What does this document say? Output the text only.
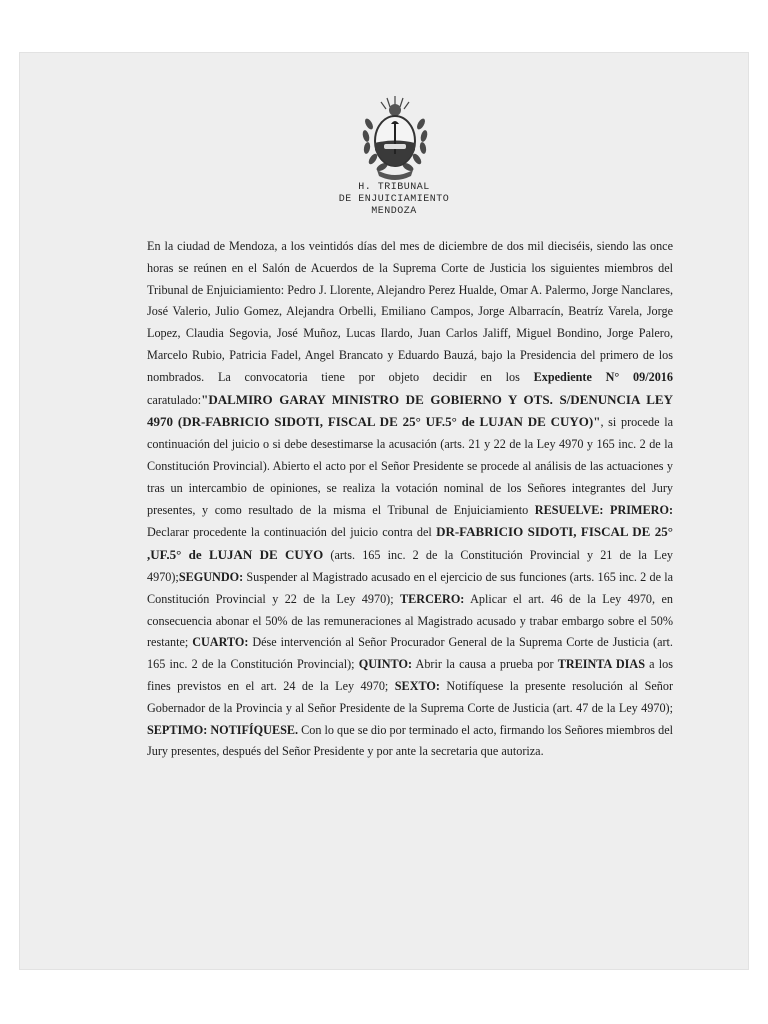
H. TRIBUNAL
DE ENJUICIAMIENTO
MENDOZA
En la ciudad de Mendoza, a los veintidós días del mes de diciembre de dos mil dieciséis, siendo las once horas se reúnen en el Salón de Acuerdos de la Suprema Corte de Justicia los siguientes miembros del Tribunal de Enjuiciamiento: Pedro J. Llorente, Alejandro Perez Hualde, Omar A. Palermo, Jorge Nanclares, José Valerio, Julio Gomez, Alejandra Orbelli, Emiliano Campos, Jorge Albarracín, Beatríz Varela, Jorge Lopez, Claudia Segovia, José Muñoz, Lucas Ilardo, Juan Carlos Jaliff, Miguel Bondino, Jorge Palero, Marcelo Rubio, Patricia Fadel, Angel Brancato y Eduardo Bauzá, bajo la Presidencia del primero de los nombrados. La convocatoria tiene por objeto decidir en los Expediente N° 09/2016 caratulado:"DALMIRO GARAY MINISTRO DE GOBIERNO Y OTS. S/DENUNCIA LEY 4970 (DR-FABRICIO SIDOTI, FISCAL DE 25° UF.5° de LUJAN DE CUYO)", si procede la continuación del juicio o si debe desestimarse la acusación (arts. 21 y 22 de la Ley 4970 y 165 inc. 2 de la Constitución Provincial). Abierto el acto por el Señor Presidente se procede al análisis de las actuaciones y tras un intercambio de opiniones, se realiza la votación nominal de los Señores integrantes del Jury presentes, y como resultado de la misma el Tribunal de Enjuiciamiento RESUELVE: PRIMERO: Declarar procedente la continuación del juicio contra del DR-FABRICIO SIDOTI, FISCAL DE 25° ,UF.5° de LUJAN DE CUYO (arts. 165 inc. 2 de la Constitución Provincial y 21 de la Ley 4970);SEGUNDO: Suspender al Magistrado acusado en el ejercicio de sus funciones (arts. 165 inc. 2 de la Constitución Provincial y 22 de la Ley 4970); TERCERO: Aplicar el art. 46 de la Ley 4970, en consecuencia abonar el 50% de las remuneraciones al Magistrado acusado y trabar embargo sobre el 50% restante; CUARTO: Dése intervención al Señor Procurador General de la Suprema Corte de Justicia (art. 165 inc. 2 de la Constitución Provincial); QUINTO: Abrir la causa a prueba por TREINTA DIAS a los fines previstos en el art. 24 de la Ley 4970; SEXTO: Notifíquese la presente resolución al Señor Gobernador de la Provincia y al Señor Presidente de la Suprema Corte de Justicia (art. 47 de la Ley 4970); SEPTIMO: NOTIFÍQUESE. Con lo que se dio por terminado el acto, firmando los Señores miembros del Jury presentes, después del Señor Presidente y por ante la secretaria que autoriza.
